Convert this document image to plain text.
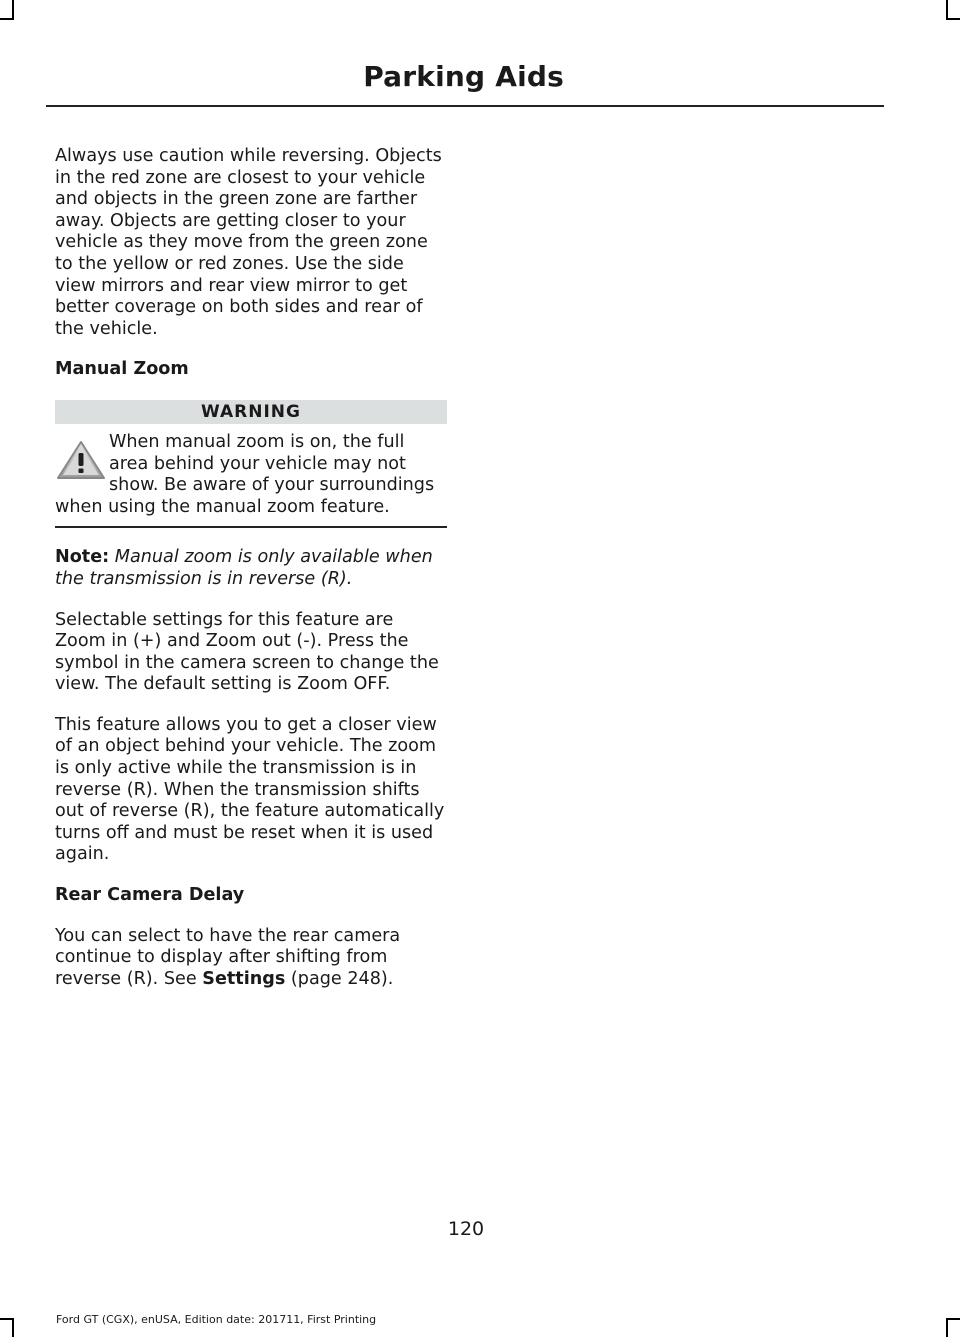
Parking Aids

Always use caution while reversing. Objects in the red zone are closest to your vehicle and objects in the green zone are farther away. Objects are getting closer to your vehicle as they move from the green zone to the yellow or red zones. Use the side view mirrors and rear view mirror to get better coverage on both sides and rear of the vehicle.

Manual Zoom

WARNING

When manual zoom is on, the full area behind your vehicle may not show. Be aware of your surroundings when using the manual zoom feature.

Note: Manual zoom is only available when the transmission is in reverse (R).

Selectable settings for this feature are Zoom in (+) and Zoom out (-). Press the symbol in the camera screen to change the view. The default setting is Zoom OFF.

This feature allows you to get a closer view of an object behind your vehicle. The zoom is only active while the transmission is in reverse (R). When the transmission shifts out of reverse (R), the feature automatically turns off and must be reset when it is used again.

Rear Camera Delay

You can select to have the rear camera continue to display after shifting from reverse (R). See Settings (page 248).

120
Ford GT (CGX), enUSA, Edition date: 201711, First Printing
